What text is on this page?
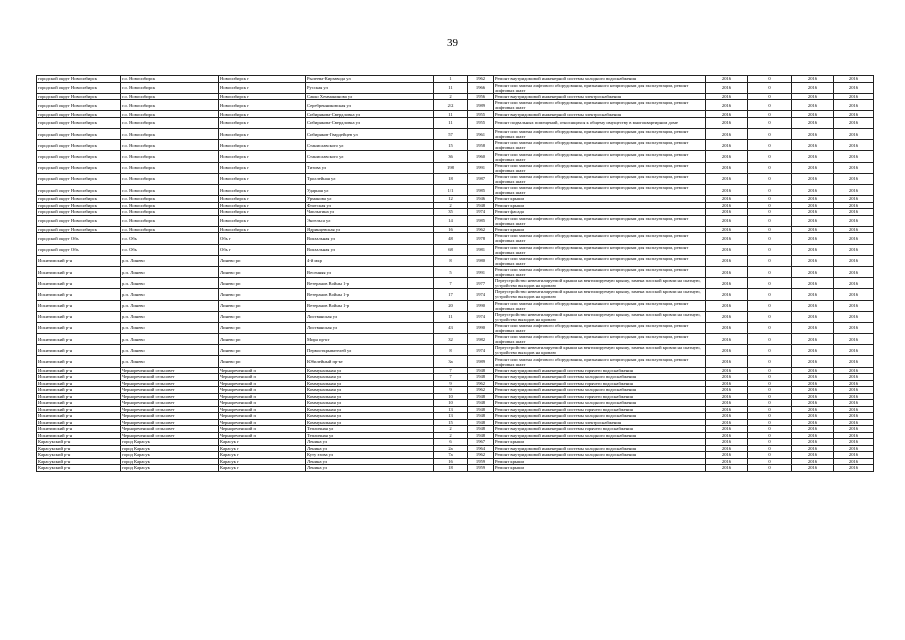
39
городской округ Новосибирск	г.о. Новосибирск	Новосибирск г	Рылеева-Кирзавода ул	1	1962	Ремонт внутридомовой инженерной системы холодного водоснабжения	2016	0	2016	2016
городской округ Новосибирск	г.о. Новосибирск	Новосибирск г	Русская ул	11	1966	Ремонт или замена лифтового оборудования, признанного непригодным для эксплуатации, ремонт лифтовых шахт	2016	0	2016	2016
городской округ Новосибирск	г.о. Новосибирск	Новосибирск г	Сакко Хемманинова ул	2	1956	Ремонт внутридомовой инженерной системы электроснабжения	2016	0	2016	2016
городской округ Новосибирск	г.о. Новосибирск	Новосибирск г	Серебренниковская ул	2/2	1989	Ремонт или замена лифтового оборудования, признанного непригодным для эксплуатации, ремонт лифтовых шахт	2016	0	2016	2016
городской округ Новосибирск	г.о. Новосибирск	Новосибирск г	Сибирякова-Свердловка ул	11	1955	Ремонт внутридомовой инженерной системы электроснабжения	2016	0	2016	2016
городской округ Новосибирск	г.о. Новосибирск	Новосибирск г	Сибирякова-Свердловка ул	11	1955	Ремонт подвальных помещений, относящихся к общему имуществу в многоквартирном доме	2016	0	2016	2016
городской округ Новосибирск	г.о. Новосибирск	Новосибирск г	Сибиряков-Гвардейцев ул	57	1961	Ремонт или замена лифтового оборудования, признанного непригодным для эксплуатации, ремонт лифтовых шахт	2016	0	2016	2016
городской округ Новосибирск	г.о. Новосибирск	Новосибирск г	Станиславского ул	15	1958	Ремонт или замена лифтового оборудования, признанного непригодным для эксплуатации, ремонт лифтовых шахт	2016	0	2016	2016
городской округ Новосибирск	г.о. Новосибирск	Новосибирск г	Станиславского ул	36	1960	Ремонт или замена лифтового оборудования, признанного непригодным для эксплуатации, ремонт лифтовых шахт	2016	0	2016	2016
городской округ Новосибирск	г.о. Новосибирск	Новосибирск г	Титова ул	198	1991	Ремонт или замена лифтового оборудования, признанного непригодным для эксплуатации, ремонт лифтовых шахт	2016	0	2016	2016
городской округ Новосибирск	г.о. Новосибирск	Новосибирск г	Троллейная ул	18	1987	Ремонт или замена лифтового оборудования, признанного непригодным для эксплуатации, ремонт лифтовых шахт	2016	0	2016	2016
городской округ Новосибирск	г.о. Новосибирск	Новосибирск г	Ударная ул	1/1	1985	Ремонт или замена лифтового оборудования, признанного непригодным для эксплуатации, ремонт лифтовых шахт	2016	0	2016	2016
городской округ Новосибирск	г.о. Новосибирск	Новосибирск г	Урманова ул	12	1946	Ремонт крыши	2016	0	2016	2016
городской округ Новосибирск	г.о. Новосибирск	Новосибирск г	Флотская ул	2	1948	Ремонт крыши	2016	0	2016	2016
городской округ Новосибирск	г.о. Новосибирск	Новосибирск г	Чаплыгина ул	35	1974	Ремонт фасада	2016	0	2016	2016
городской округ Новосибирск	г.о. Новосибирск	Новосибирск г	Энгельса ул	14	1985	Ремонт или замена лифтового оборудования, признанного непригодным для эксплуатации, ремонт лифтовых шахт	2016	0	2016	2016
городской округ Новосибирск	г.о. Новосибирск	Новосибирск г	Ядринцевская ул	16	1962	Ремонт крыши	2016	0	2016	2016
городской округ Обь	г.о. Обь	Обь г	Вокзальная ул	48	1978	Ремонт или замена лифтового оборудования, признанного непригодным для эксплуатации, ремонт лифтовых шахт	2016	0	2016	2016
городской округ Обь	г.о. Обь	Обь г	Вокзальная ул	68	1981	Ремонт или замена лифтового оборудования, признанного непригодным для эксплуатации, ремонт лифтовых шахт	2016	0	2016	2016
Искитимский р-н	р.п. Линево	Линево рп	4-й мкр	8	1980	Ремонт или замена лифтового оборудования, признанного непригодным для эксплуатации, ремонт лифтовых шахт	2016	0	2016	2016
Искитимский р-н	р.п. Линево	Линево рп	Весенняя ул	5	1991	Ремонт или замена лифтового оборудования, признанного непригодным для эксплуатации, ремонт лифтовых шахт	2016	0	2016	2016
Искитимский р-н	р.п. Линево	Линево рп	Ветеранов Войны 1-р	7	1977	Переустройство невентилируемой крыши на вентилируемую крышу, замена плоской кровли на скатную, устройство выходов на кровлю	2016	0	2016	2016
Искитимский р-н	р.п. Линево	Линево рп	Ветеранов Войны 1-р	17	1974	Переустройство невентилируемой крыши на вентилируемую крышу, замена плоской кровли на скатную, устройство выходов на кровлю	2016	0	2016	2016
Искитимский р-н	р.п. Линево	Линево рп	Ветеранов Войны 1-р	20	1990	Ремонт или замена лифтового оборудования, признанного непригодным для эксплуатации, ремонт лифтовых шахт	2016	0	2016	2016
Искитимский р-н	р.п. Линево	Линево рп	Листвянская ул	11	1974	Переустройство невентилируемой крыши на вентилируемую крышу, замена плоской кровли на скатную, устройство выходов на кровлю	2016	0	2016	2016
Искитимский р-н	р.п. Линево	Линево рп	Листвянская ул	43	1990	Ремонт или замена лифтового оборудования, признанного непригодным для эксплуатации, ремонт лифтовых шахт	2016	0	2016	2016
Искитимский р-н	р.п. Линево	Линево рп	Мира пр-кт	32	1982	Ремонт или замена лифтового оборудования, признанного непригодным для эксплуатации, ремонт лифтовых шахт	2016	0	2016	2016
Искитимский р-н	р.п. Линево	Линево рп	Первооткрывателей ул	8	1974	Переустройство невентилируемой крыши на вентилируемую крышу, замена плоской кровли на скатную, устройство выходов на кровлю	2016	0	2016	2016
Искитимский р-н	р.п. Линево	Линево рп	Юбилейный пр-кт	3а	1989	Ремонт или замена лифтового оборудования, признанного непригодным для эксплуатации, ремонт лифтовых шахт	2016	0	2016	2016
Искитимский р-н	Чернореченский сельсовет	Чернореченский п	Коммунальная ул	7	1948	Ремонт внутридомовой инженерной системы горячего водоснабжения	2016	0	2016	2016
Искитимский р-н	Чернореченский сельсовет	Чернореченский п	Коммунальная ул	7	1948	Ремонт внутридомовой инженерной системы холодного водоснабжения	2016	0	2016	2016
Искитимский р-н	Чернореченский сельсовет	Чернореченский п	Коммунальная ул	9	1962	Ремонт внутридомовой инженерной системы горячего водоснабжения	2016	0	2016	2016
Искитимский р-н	Чернореченский сельсовет	Чернореченский п	Коммунальная ул	9	1962	Ремонт внутридомовой инженерной системы холодного водоснабжения	2016	0	2016	2016
Искитимский р-н	Чернореченский сельсовет	Чернореченский п	Коммунальная ул	10	1948	Ремонт внутридомовой инженерной системы горячего водоснабжения	2016	0	2016	2016
Искитимский р-н	Чернореченский сельсовет	Чернореченский п	Коммунальная ул	10	1948	Ремонт внутридомовой инженерной системы холодного водоснабжения	2016	0	2016	2016
Искитимский р-н	Чернореченский сельсовет	Чернореченский п	Коммунальная ул	13	1948	Ремонт внутридомовой инженерной системы горячего водоснабжения	2016	0	2016	2016
Искитимский р-н	Чернореченский сельсовет	Чернореченский п	Коммунальная ул	13	1948	Ремонт внутридомовой инженерной системы холодного водоснабжения	2016	0	2016	2016
Искитимский р-н	Чернореченский сельсовет	Чернореченский п	Коммунальная ул	15	1948	Ремонт внутридомовой инженерной системы электроснабжения	2016	0	2016	2016
Искитимский р-н	Чернореченский сельсовет	Чернореченский п	Тепличная ул	2	1948	Ремонт внутридомовой инженерной системы горячего водоснабжения	2016	0	2016	2016
Искитимский р-н	Чернореченский сельсовет	Чернореченский п	Тепличная ул	2	1948	Ремонт внутридомовой инженерной системы холодного водоснабжения	2016	0	2016	2016
Карасукский р-н	город Карасук	Карасук г	Ленина ул	6	1967	Ремонт крыши	2016	0	2016	2016
Карасукский р-н	город Карасук	Карасук г	Ленина ул	2а	1964	Ремонт внутридомовой инженерной системы холодного водоснабжения	2016	0	2016	2016
Карасукский р-н	город Карасук	Карасук г	Куту ззова ул	7а	1962	Ремонт внутридомовой инженерной системы холодного водоснабжения	2016	0	2016	2016
Карасукский р-н	город Карасук	Карасук г	Ленина ул	16	1959	Ремонт крыши	2016	0	2016	2016
Карасукский р-н	город Карасук	Карасук г	Ленина ул	18	1959	Ремонт крыши	2016	0	2016	2016
